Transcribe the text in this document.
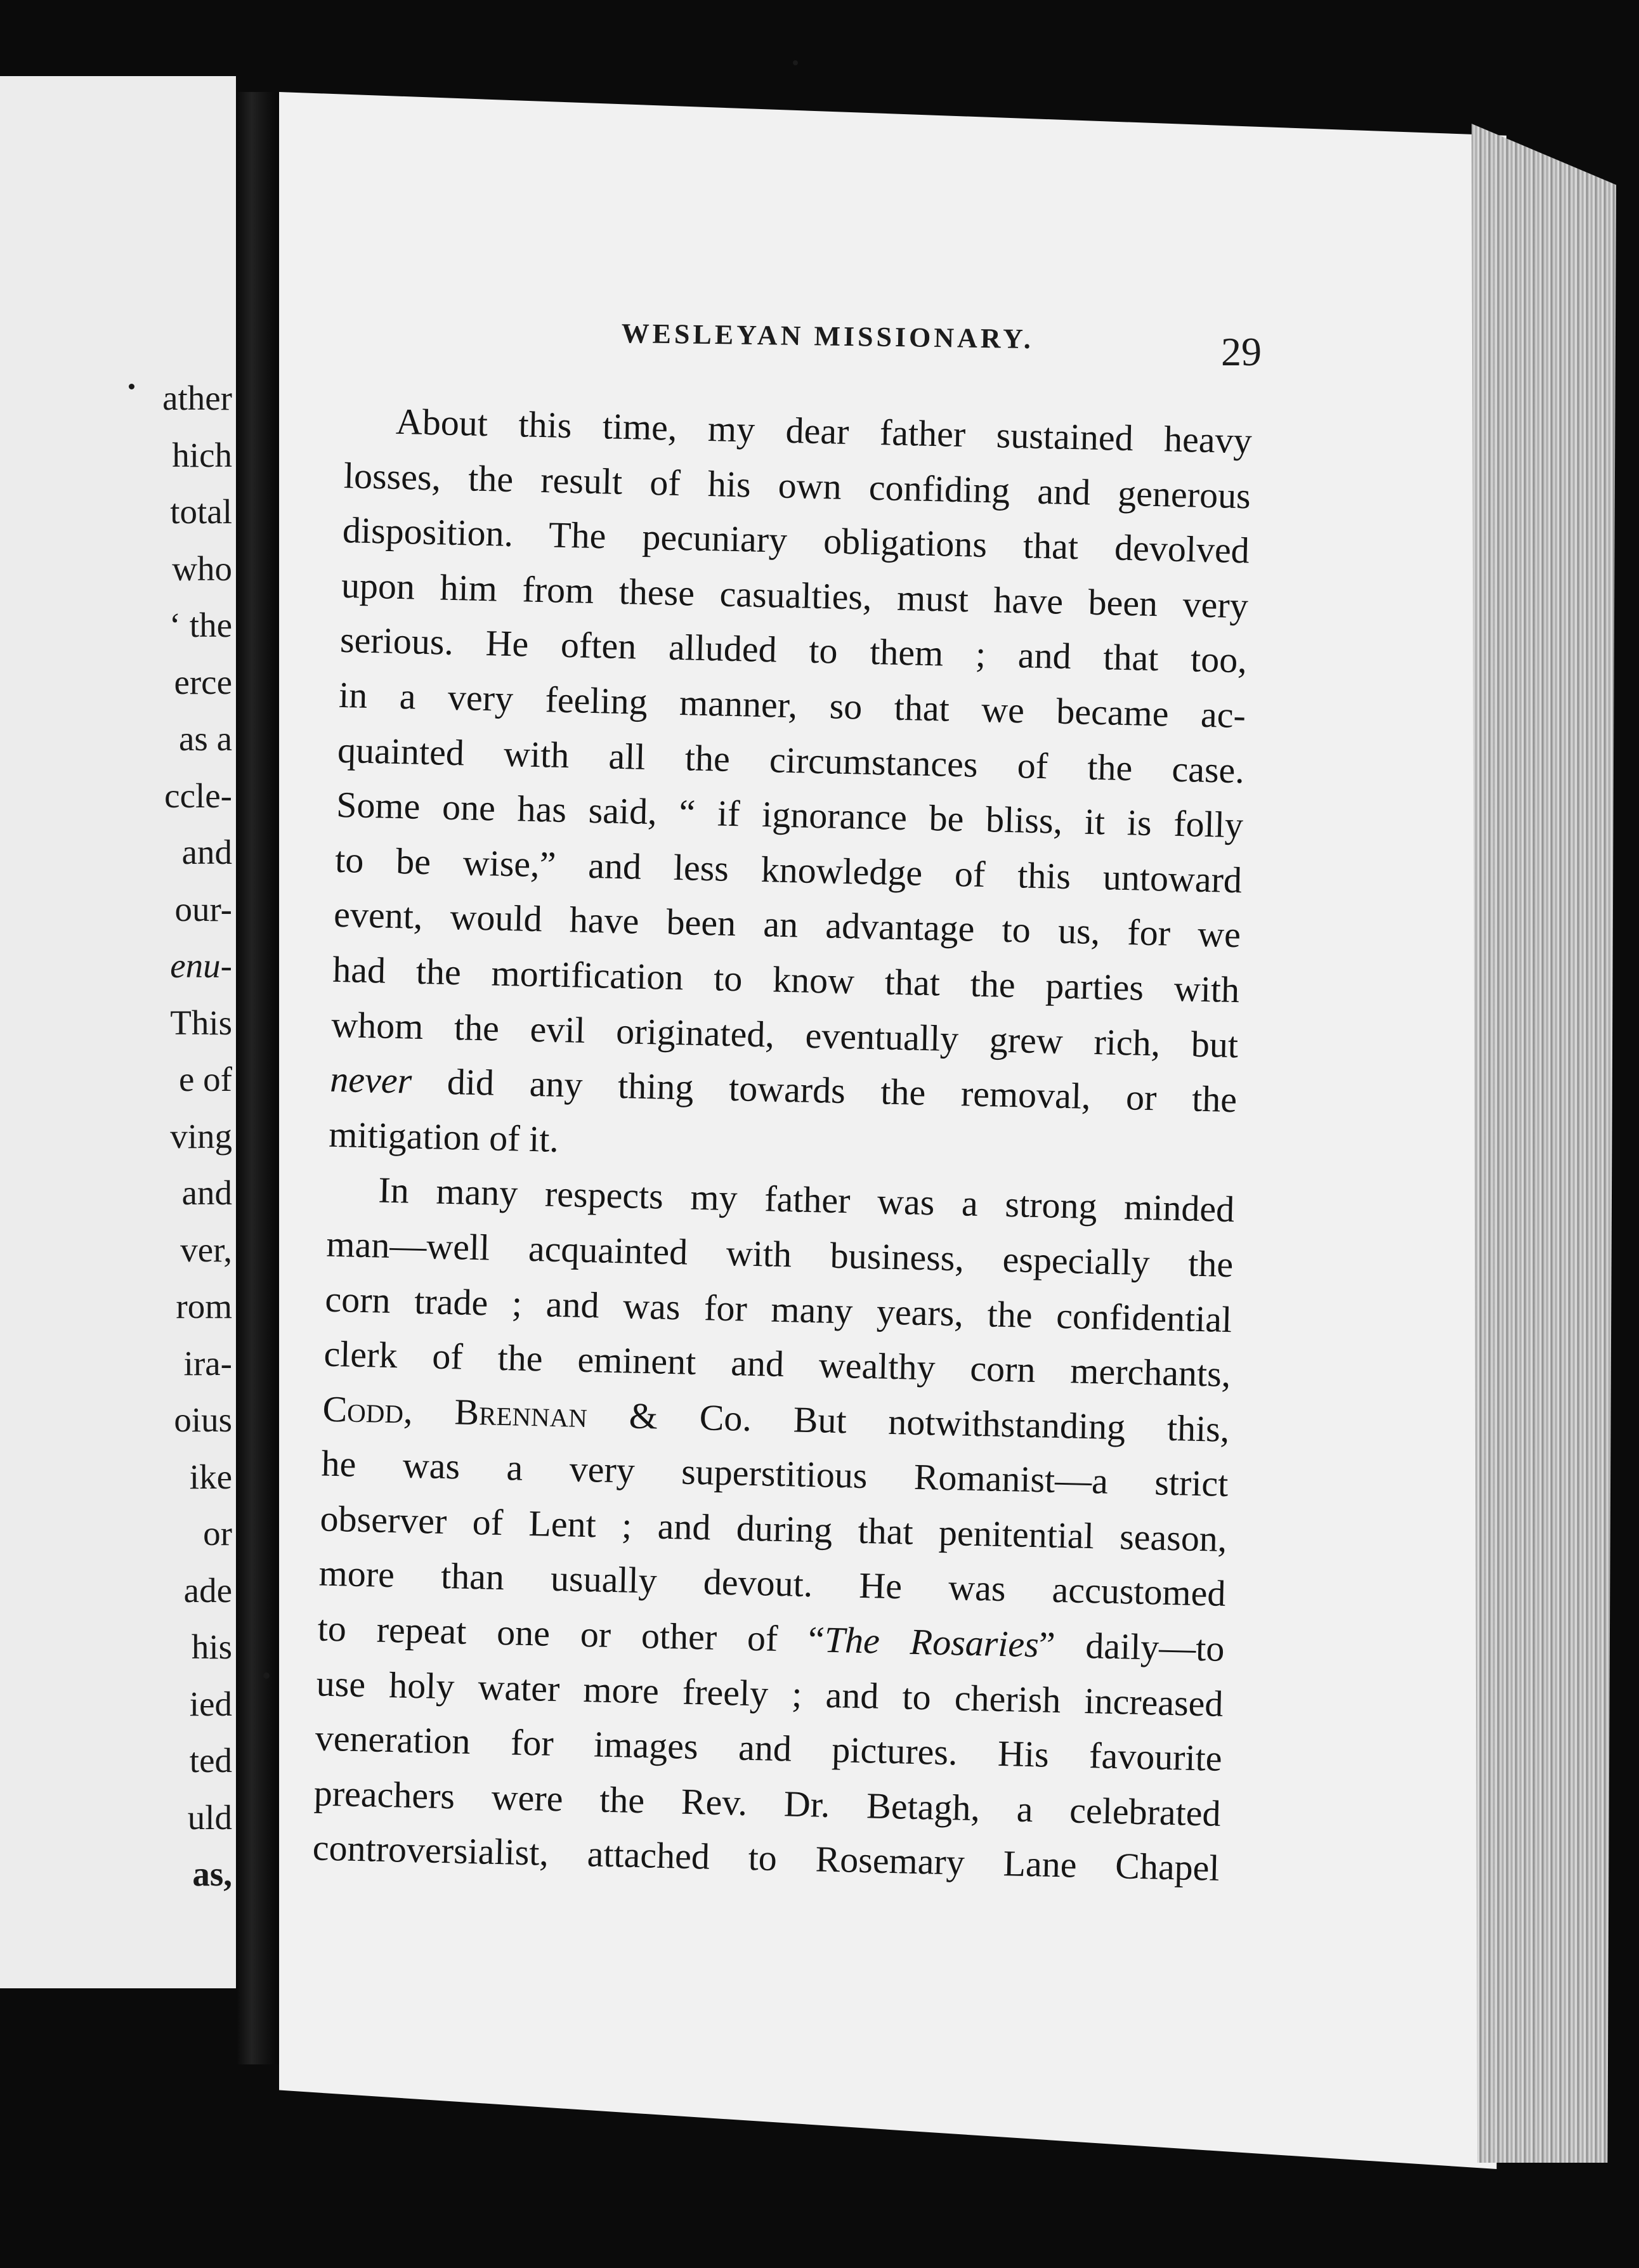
ather
hich
total
who
‘ the
erce
as a
ccle-
and
our-
enu-
This
e of
ving
and
ver,
rom
ira-
oius
ike
or
ade
his
ied
ted
uld
as,
WESLEYAN MISSIONARY.	29
About this time, my dear father sustained heavy
losses, the result of his own confiding and generous
disposition. The pecuniary obligations that devolved
upon him from these casualties, must have been very
serious. He often alluded to them ; and that too,
in a very feeling manner, so that we became ac-
quainted with all the circumstances of the case.
Some one has said, “ if ignorance be bliss, it is folly
to be wise,” and less knowledge of this untoward
event, would have been an advantage to us, for we
had the mortification to know that the parties with
whom the evil originated, eventually grew rich, but
never did any thing towards the removal, or the
mitigation of it.
In many respects my father was a strong minded
man—well acquainted with business, especially the
corn trade ; and was for many years, the confidential
clerk of the eminent and wealthy corn merchants,
Codd, Brennan & Co. But notwithstanding this,
he was a very superstitious Romanist—a strict
observer of Lent ; and during that penitential season,
more than usually devout. He was accustomed
to repeat one or other of “The Rosaries” daily—to
use holy water more freely ; and to cherish increased
veneration for images and pictures. His favourite
preachers were the Rev. Dr. Betagh, a celebrated
controversialist, attached to Rosemary Lane Chapel
